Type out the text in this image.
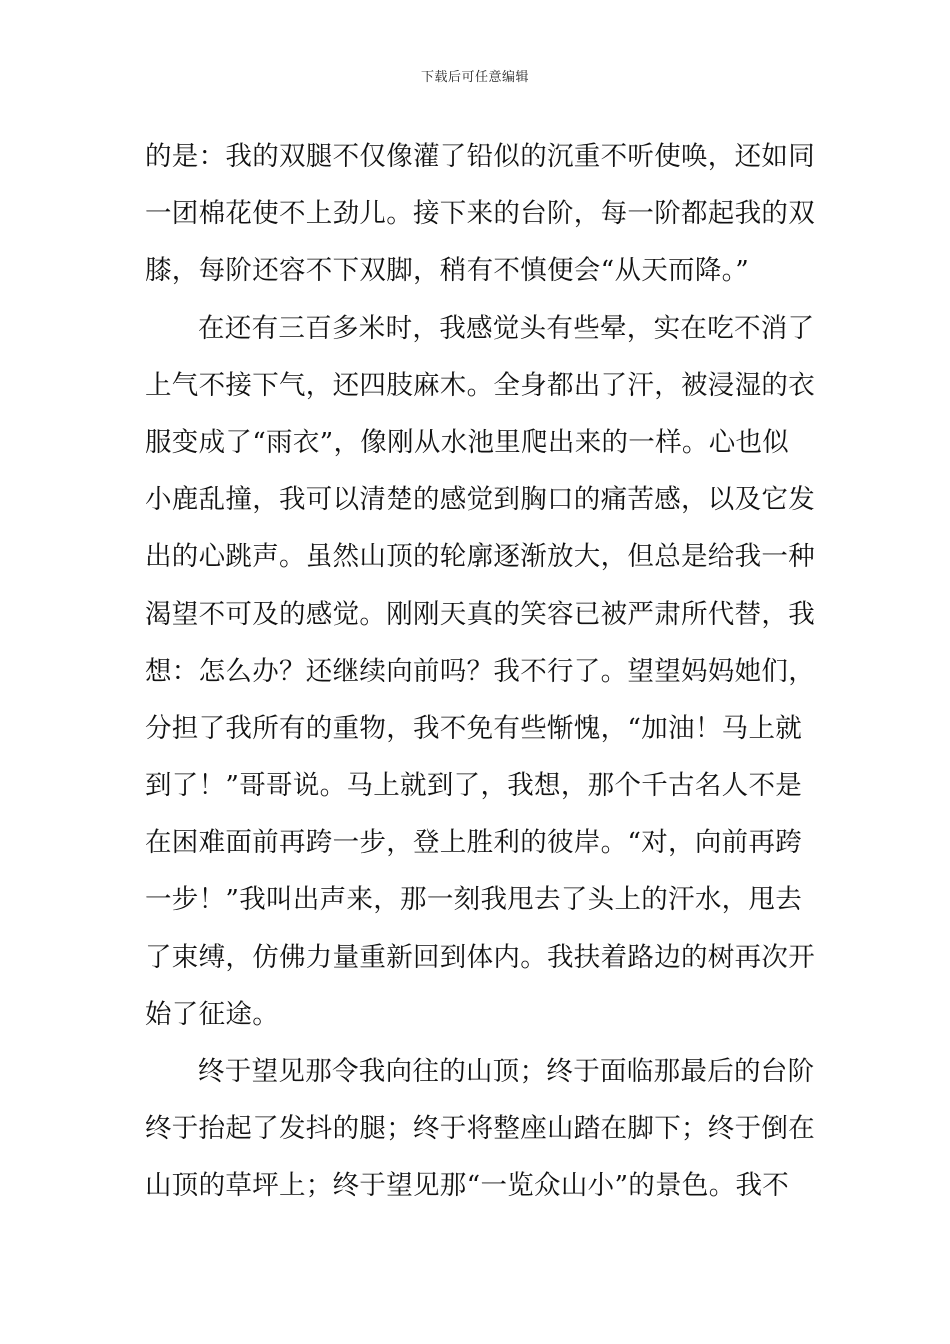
下载后可任意编辑
的是：我的双腿不仅像灌了铅似的沉重不听使唤，还如同
一团棉花使不上劲儿。接下来的台阶，每一阶都起我的双
膝，每阶还容不下双脚，稍有不慎便会“从天而降。”
在还有三百多米时，我感觉头有些晕，实在吃不消了
上气不接下气，还四肢麻木。全身都出了汗，被浸湿的衣
服变成了“雨衣”，像刚从水池里爬出来的一样。心也似
小鹿乱撞，我可以清楚的感觉到胸口的痛苦感，以及它发
出的心跳声。虽然山顶的轮廓逐渐放大，但总是给我一种
渴望不可及的感觉。刚刚天真的笑容已被严肃所代替，我
想：怎么办？还继续向前吗？我不行了。望望妈妈她们，
分担了我所有的重物，我不免有些惭愧，“加油！马上就
到了！”哥哥说。马上就到了，我想，那个千古名人不是
在困难面前再跨一步，登上胜利的彼岸。“对，向前再跨
一步！”我叫出声来，那一刻我甩去了头上的汗水，甩去
了束缚，仿佛力量重新回到体内。我扶着路边的树再次开
始了征途。
终于望见那令我向往的山顶；终于面临那最后的台阶
终于抬起了发抖的腿；终于将整座山踏在脚下；终于倒在
山顶的草坪上；终于望见那“一览众山小”的景色。我不
